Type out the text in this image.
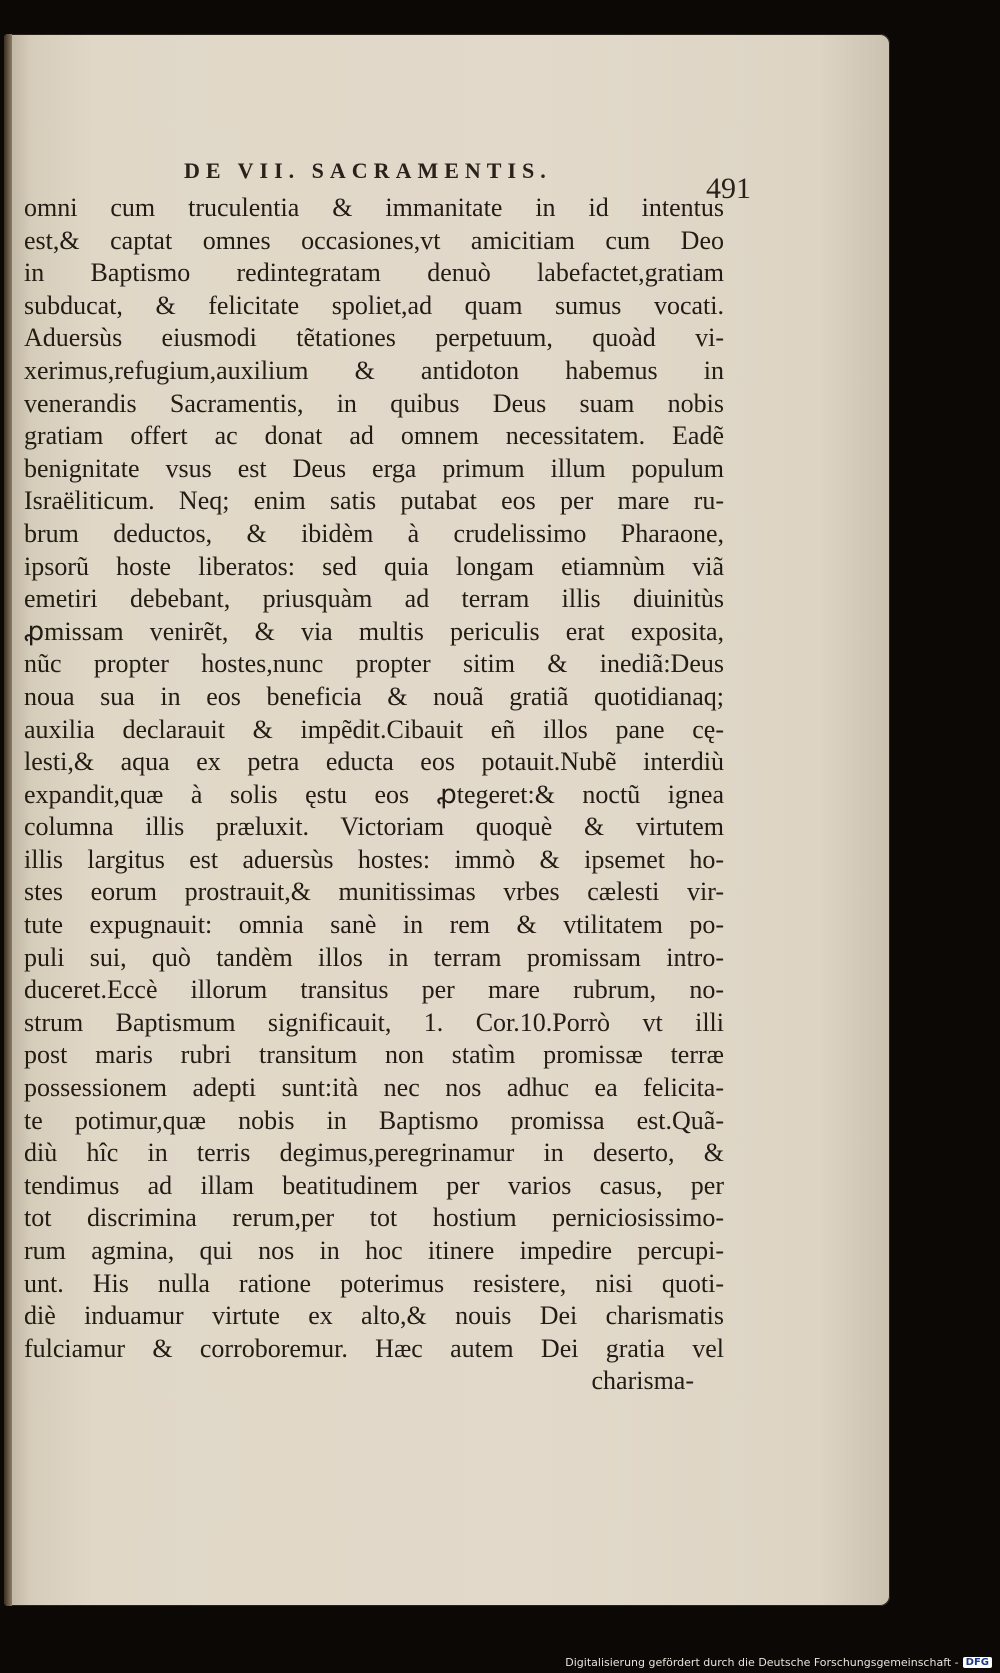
DE VII. SACRAMENTIS.
491
omni cum truculentia & immanitate in id intentus
est,& captat omnes occasiones,vt amicitiam cum Deo
in Baptismo redintegratam denuò labefactet,gratiam
subducat, & felicitate spoliet,ad quam sumus vocati.
Aduersùs eiusmodi tẽtationes perpetuum, quoàd vi-
xerimus,refugium,auxilium & antidoton habemus in
venerandis Sacramentis, in quibus Deus suam nobis
gratiam offert ac donat ad omnem necessitatem. Eadẽ
benignitate vsus est Deus erga primum illum populum
Israëliticum. Neq; enim satis putabat eos per mare ru-
brum deductos, & ibidèm à crudelissimo Pharaone,
ipsorũ hoste liberatos: sed quia longam etiamnùm viã
emetiri debebant, priusquàm ad terram illis diuinitùs
ꝓmissam venirẽt, & via multis periculis erat exposita,
nũc propter hostes,nunc propter sitim & inediã:Deus
noua sua in eos beneficia & nouã gratiã quotidianaq;
auxilia declarauit & impẽdit.Cibauit eñ illos pane cę-
lesti,& aqua ex petra educta eos potauit.Nubẽ interdiù
expandit,quæ à solis ęstu eos ꝓtegeret:& noctũ ignea
columna illis præluxit. Victoriam quoquè & virtutem
illis largitus est aduersùs hostes: immò & ipsemet ho-
stes eorum prostrauit,& munitissimas vrbes cælesti vir-
tute expugnauit: omnia sanè in rem & vtilitatem po-
puli sui, quò tandèm illos in terram promissam intro-
duceret.Eccè illorum transitus per mare rubrum, no-
strum Baptismum significauit, 1. Cor.10.Porrò vt illi
post maris rubri transitum non statìm promissæ terræ
possessionem adepti sunt:ità nec nos adhuc ea felicita-
te potimur,quæ nobis in Baptismo promissa est.Quã-
diù hîc in terris degimus,peregrinamur in deserto, &
tendimus ad illam beatitudinem per varios casus, per
tot discrimina rerum,per tot hostium perniciosissimo-
rum agmina, qui nos in hoc itinere impedire percupi-
unt. His nulla ratione poterimus resistere, nisi quoti-
diè induamur virtute ex alto,& nouis Dei charismatis
fulciamur & corroboremur. Hæc autem Dei gratia vel
charisma-
Digitalisierung gefördert durch die Deutsche Forschungsgemeinschaft - DFG
